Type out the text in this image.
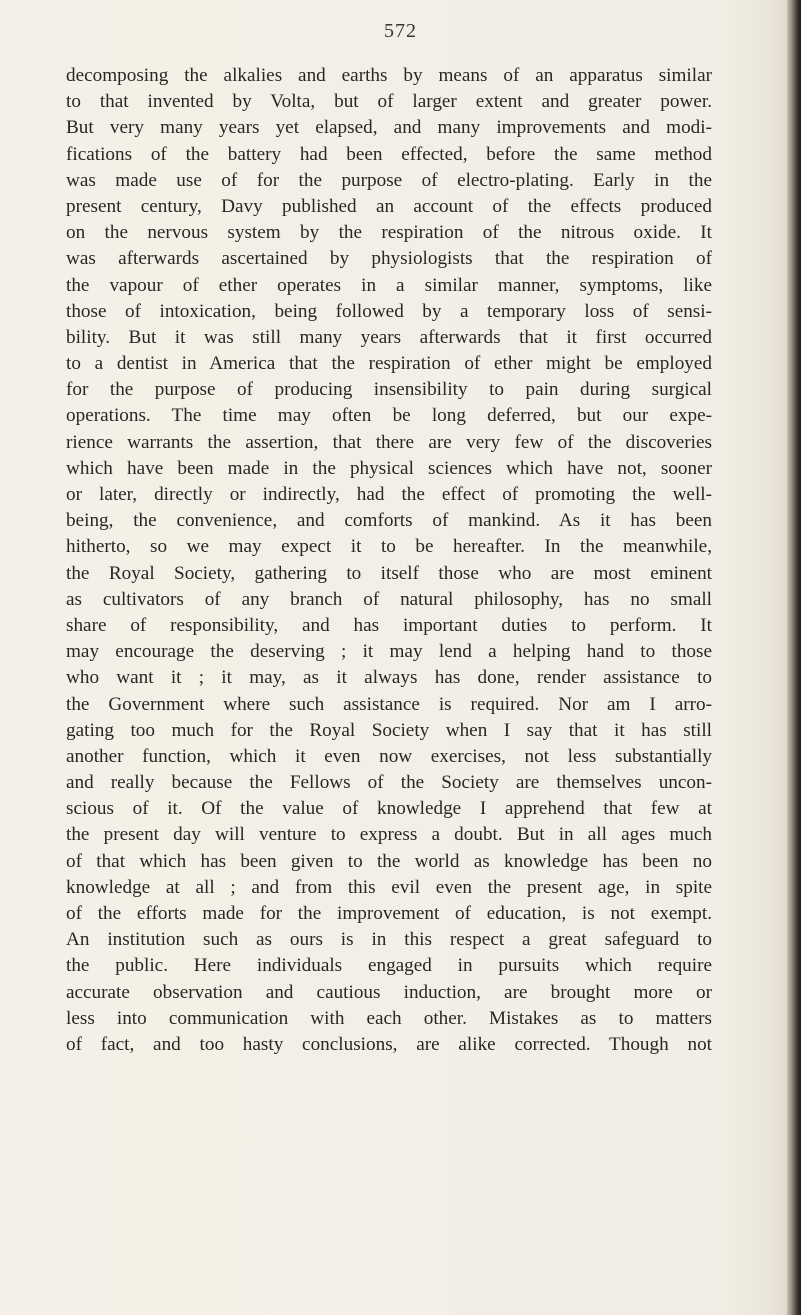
572
decomposing the alkalies and earths by means of an apparatus similar
to that invented by Volta, but of larger extent and greater power.
But very many years yet elapsed, and many improvements and modi-
fications of the battery had been effected, before the same method
was made use of for the purpose of electro-plating. Early in the
present century, Davy published an account of the effects produced
on the nervous system by the respiration of the nitrous oxide. It
was afterwards ascertained by physiologists that the respiration of
the vapour of ether operates in a similar manner, symptoms, like
those of intoxication, being followed by a temporary loss of sensi-
bility. But it was still many years afterwards that it first occurred
to a dentist in America that the respiration of ether might be employed
for the purpose of producing insensibility to pain during surgical
operations. The time may often be long deferred, but our expe-
rience warrants the assertion, that there are very few of the discoveries
which have been made in the physical sciences which have not, sooner
or later, directly or indirectly, had the effect of promoting the well-
being, the convenience, and comforts of mankind. As it has been
hitherto, so we may expect it to be hereafter. In the meanwhile,
the Royal Society, gathering to itself those who are most eminent
as cultivators of any branch of natural philosophy, has no small
share of responsibility, and has important duties to perform. It
may encourage the deserving ; it may lend a helping hand to those
who want it ; it may, as it always has done, render assistance to
the Government where such assistance is required. Nor am I arro-
gating too much for the Royal Society when I say that it has still
another function, which it even now exercises, not less substantially
and really because the Fellows of the Society are themselves uncon-
scious of it. Of the value of knowledge I apprehend that few at
the present day will venture to express a doubt. But in all ages much
of that which has been given to the world as knowledge has been no
knowledge at all ; and from this evil even the present age, in spite
of the efforts made for the improvement of education, is not exempt.
An institution such as ours is in this respect a great safeguard to
the public. Here individuals engaged in pursuits which require
accurate observation and cautious induction, are brought more or
less into communication with each other. Mistakes as to matters
of fact, and too hasty conclusions, are alike corrected. Though not
